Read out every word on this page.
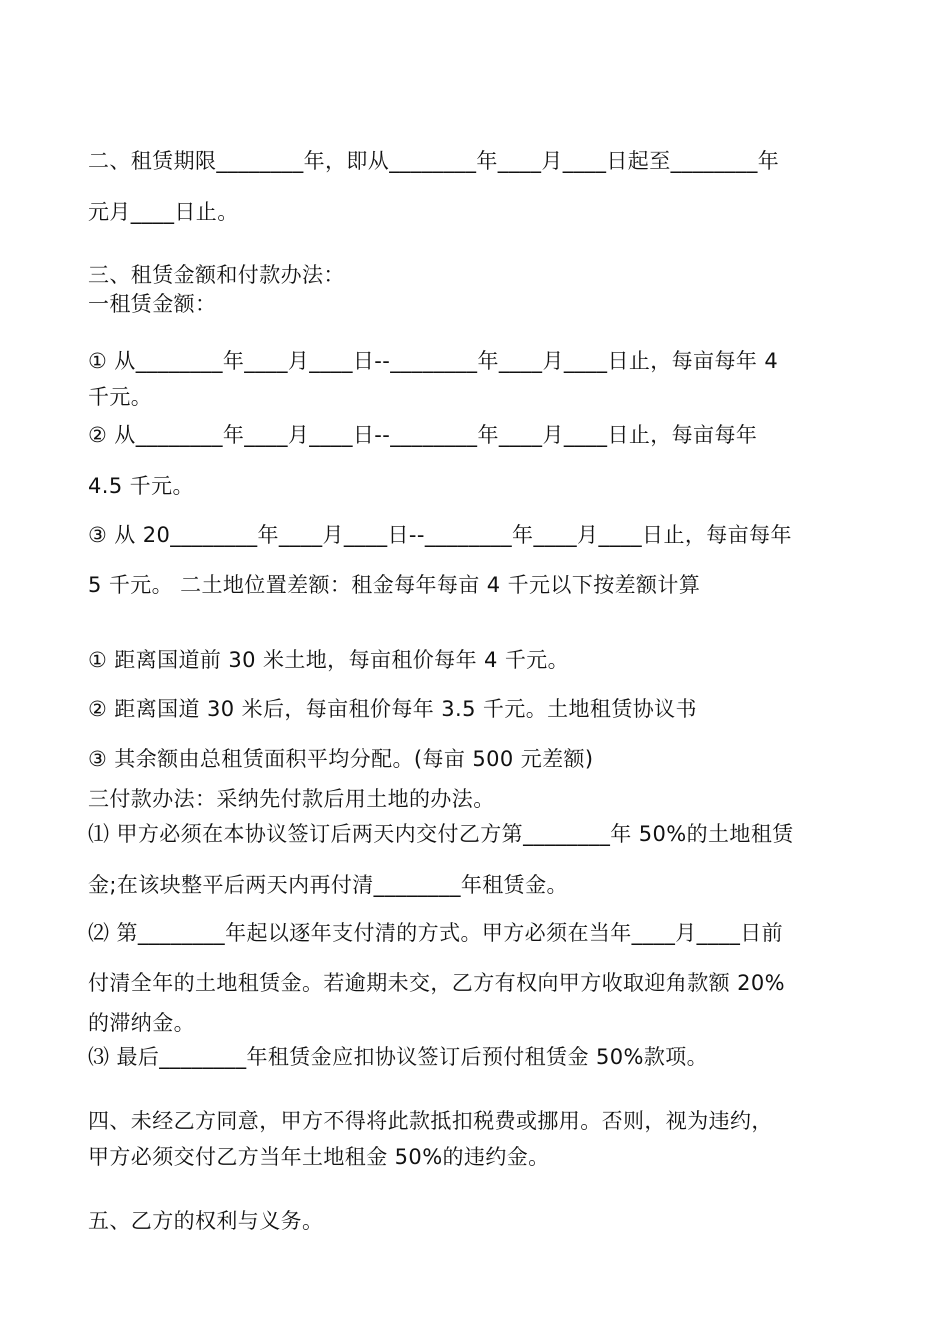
二、租赁期限________年，即从________年____月____日起至________年
元月____日止。
三、租赁金额和付款办法：
一租赁金额：
① 从________年____月____日--________年____月____日止，每亩每年 4
千元。
② 从________年____月____日--________年____月____日止，每亩每年
4.5 千元。
③ 从 20________年____月____日--________年____月____日止，每亩每年
5 千元。 二土地位置差额：租金每年每亩 4 千元以下按差额计算
① 距离国道前 30 米土地，每亩租价每年 4 千元。
② 距离国道 30 米后，每亩租价每年 3.5 千元。土地租赁协议书
③ 其余额由总租赁面积平均分配。(每亩 500 元差额)
三付款办法：采纳先付款后用土地的办法。
⑴ 甲方必须在本协议签订后两天内交付乙方第________年 50%的土地租赁
金;在该块整平后两天内再付清________年租赁金。
⑵ 第________年起以逐年支付清的方式。甲方必须在当年____月____日前
付清全年的土地租赁金。若逾期未交，乙方有权向甲方收取迎角款额 20%
的滞纳金。
⑶ 最后________年租赁金应扣协议签订后预付租赁金 50%款项。
四、未经乙方同意，甲方不得将此款抵扣税费或挪用。否则，视为违约，
甲方必须交付乙方当年土地租金 50%的违约金。
五、乙方的权利与义务。
